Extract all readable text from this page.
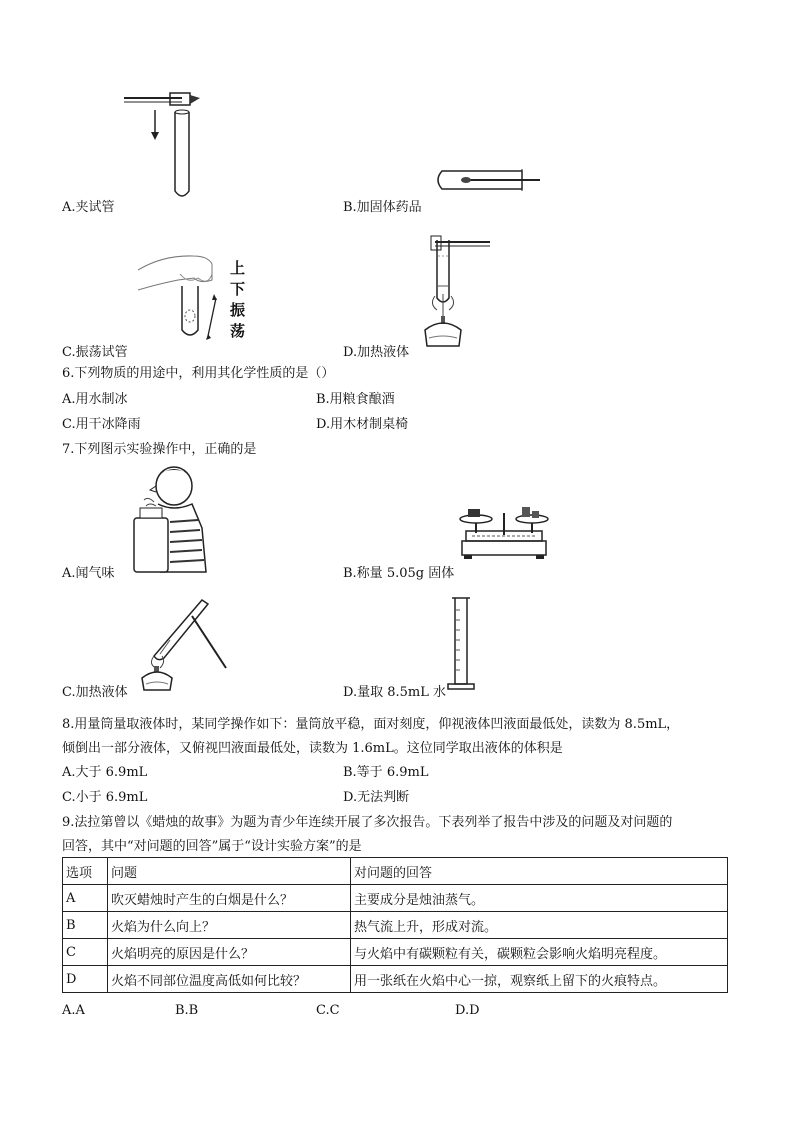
A.夹试管	B.加固体药品
上
下
振
荡
C.振荡试管	D.加热液体
6.下列物质的用途中，利用其化学性质的是（）
A.用水制冰	B.用粮食酿酒
C.用干冰降雨	D.用木材制桌椅
7.下列图示实验操作中，正确的是
A.闻气味	B.称量 5.05g 固体
C.加热液体	D.量取 8.5mL 水
8.用量筒量取液体时，某同学操作如下：量筒放平稳，面对刻度，仰视液体凹液面最低处，读数为 8.5mL，
倾倒出一部分液体，又俯视凹液面最低处，读数为 1.6mL。这位同学取出液体的体积是
A.大于 6.9mL	B.等于 6.9mL
C.小于 6.9mL	D.无法判断
9.法拉第曾以《蜡烛的故事》为题为青少年连续开展了多次报告。下表列举了报告中涉及的问题及对问题的
回答，其中“对问题的回答”属于“设计实验方案”的是
选项	问题	对问题的回答
A	吹灭蜡烛时产生的白烟是什么？	主要成分是烛油蒸气。
B	火焰为什么向上？	热气流上升，形成对流。
C	火焰明亮的原因是什么？	与火焰中有碳颗粒有关，碳颗粒会影响火焰明亮程度。
D	火焰不同部位温度高低如何比较？	用一张纸在火焰中心一掠，观察纸上留下的火痕特点。
A.A	B.B	C.C	D.D
